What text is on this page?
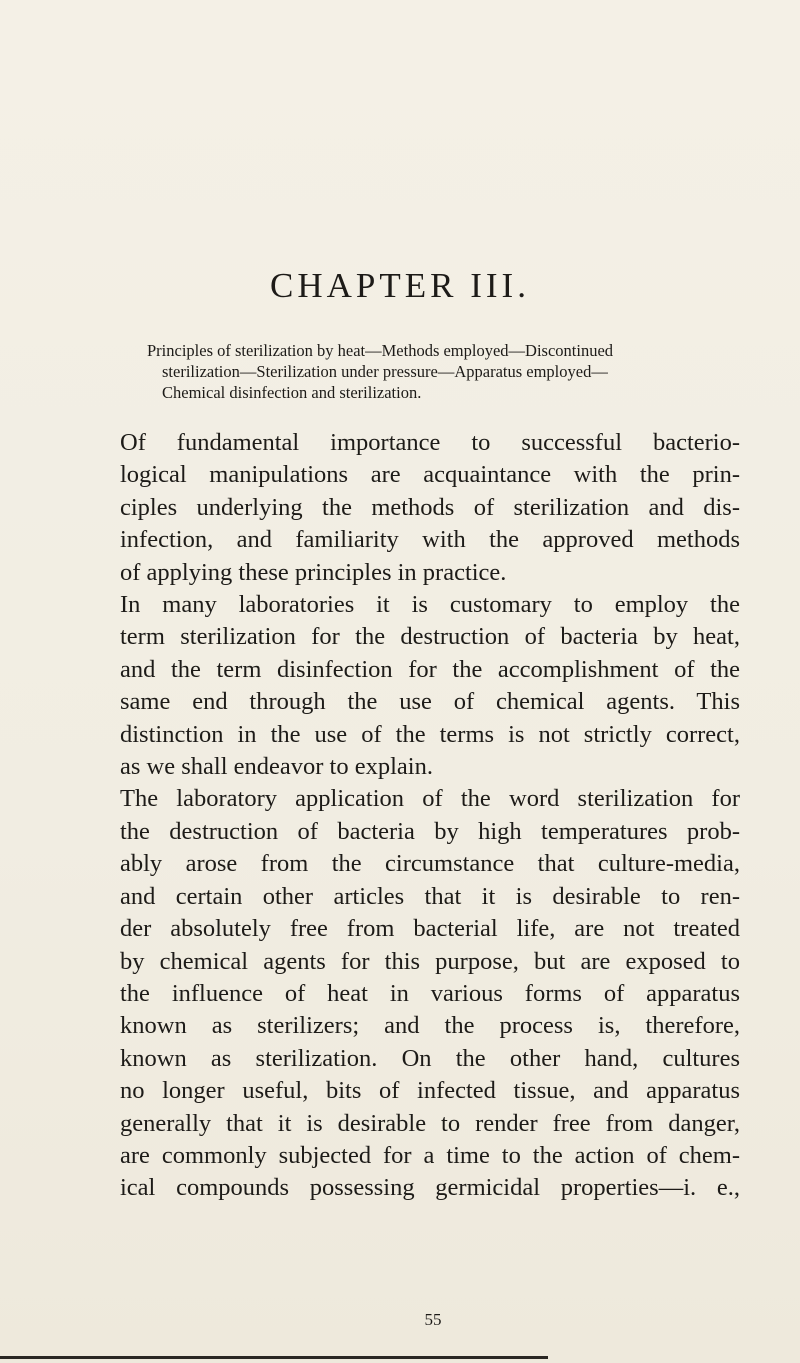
CHAPTER III.
Principles of sterilization by heat—Methods employed—Discontinued
sterilization—Sterilization under pressure—Apparatus employed—
Chemical disinfection and sterilization.
Of fundamental importance to successful bacterio-
logical manipulations are acquaintance with the prin-
ciples underlying the methods of sterilization and dis-
infection, and familiarity with the approved methods
of applying these principles in practice.
In many laboratories it is customary to employ the
term sterilization for the destruction of bacteria by heat,
and the term disinfection for the accomplishment of the
same end through the use of chemical agents. This
distinction in the use of the terms is not strictly correct,
as we shall endeavor to explain.
The laboratory application of the word sterilization for
the destruction of bacteria by high temperatures prob-
ably arose from the circumstance that culture-media,
and certain other articles that it is desirable to ren-
der absolutely free from bacterial life, are not treated
by chemical agents for this purpose, but are exposed to
the influence of heat in various forms of apparatus
known as sterilizers; and the process is, therefore,
known as sterilization. On the other hand, cultures
no longer useful, bits of infected tissue, and apparatus
generally that it is desirable to render free from danger,
are commonly subjected for a time to the action of chem-
ical compounds possessing germicidal properties—i. e.,
55
